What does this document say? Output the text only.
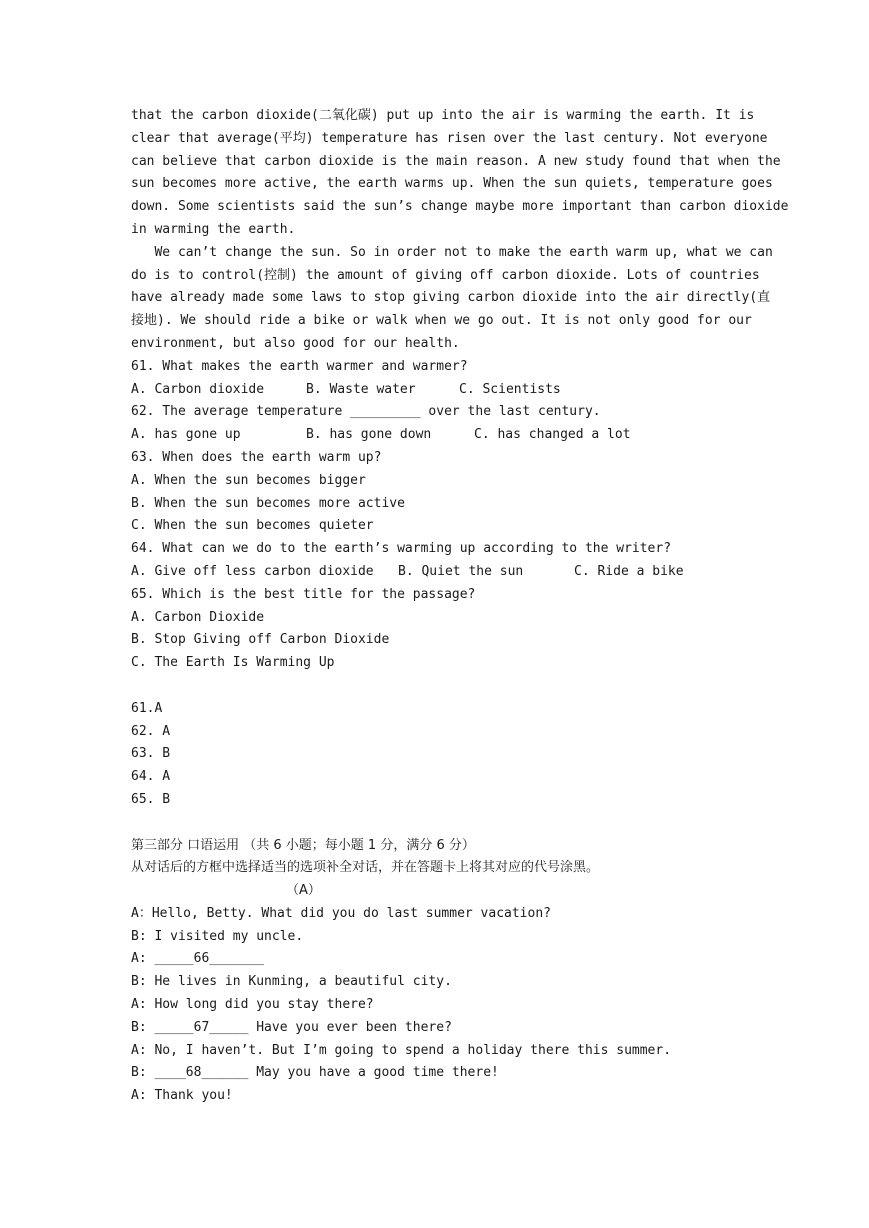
that the carbon dioxide(二氧化碳) put up into the air is warming the earth. It is
clear that average(平均) temperature has risen over the last century. Not everyone
can believe that carbon dioxide is the main reason. A new study found that when the
sun becomes more active, the earth warms up. When the sun quiets, temperature goes
down. Some scientists said the sun’s change maybe more important than carbon dioxide
in warming the earth.
We can’t change the sun. So in order not to make the earth warm up, what we can
do is to control(控制) the amount of giving off carbon dioxide. Lots of countries
have already made some laws to stop giving carbon dioxide into the air directly(直
接地). We should ride a bike or walk when we go out. It is not only good for our
environment, but also good for our health.
61. What makes the earth warmer and warmer?
A. Carbon dioxide	B. Waste water	C. Scientists
62. The average temperature _________ over the last century.
A. has gone up	B. has gone down	C. has changed a lot
63. When does the earth warm up?
A. When the sun becomes bigger
B. When the sun becomes more active
C. When the sun becomes quieter
64. What can we do to the earth’s warming up according to the writer?
A. Give off less carbon dioxide	B. Quiet the sun	C. Ride a bike
65. Which is the best title for the passage?
A. Carbon Dioxide
B. Stop Giving off Carbon Dioxide
C. The Earth Is Warming Up
61.A
62. A
63. B
64. A
65. B
第三部分 口语运用 （共 6 小题；每小题 1 分，满分 6 分）
从对话后的方框中选择适当的选项补全对话，并在答题卡上将其对应的代号涂黑。
（A）
A：Hello, Betty. What did you do last summer vacation?
B: I visited my uncle.
A: _____66_______
B: He lives in Kunming, a beautiful city.
A: How long did you stay there?
B: _____67_____ Have you ever been there?
A: No, I haven’t. But I’m going to spend a holiday there this summer.
B: ____68______ May you have a good time there!
A: Thank you!
